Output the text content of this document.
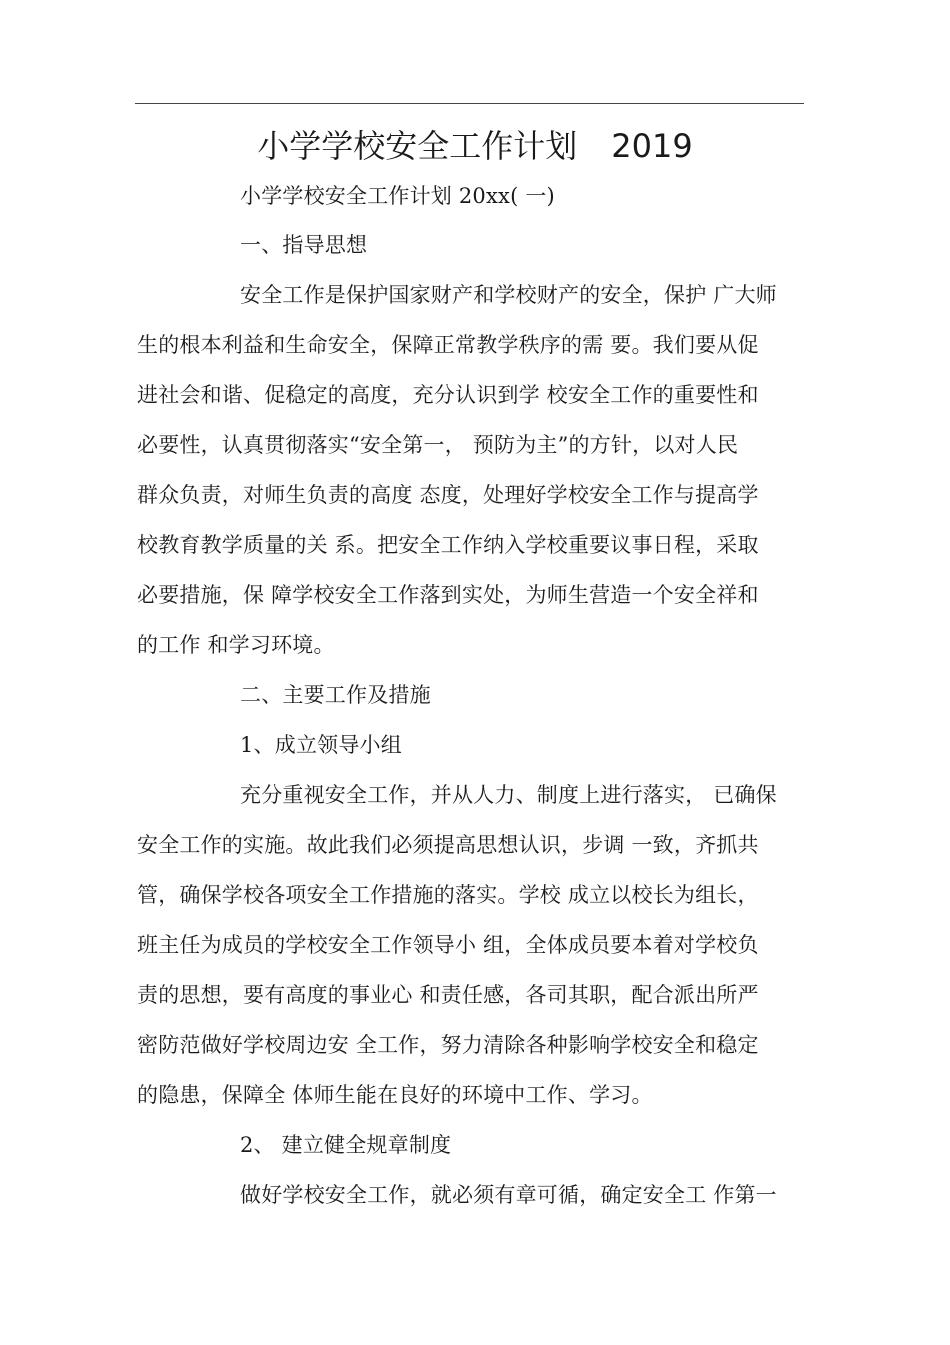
小学学校安全工作计划 2019
小学学校安全工作计划 20xx( 一)
一、指导思想
安全工作是保护国家财产和学校财产的安全，保护 广大师
生的根本利益和生命安全，保障正常教学秩序的需 要。我们要从促
进社会和谐、促稳定的高度，充分认识到学 校安全工作的重要性和
必要性，认真贯彻落实“安全第一， 预防为主”的方针，以对人民
群众负责，对师生负责的高度 态度，处理好学校安全工作与提高学
校教育教学质量的关 系。把安全工作纳入学校重要议事日程，采取
必要措施，保 障学校安全工作落到实处，为师生营造一个安全祥和
的工作 和学习环境。
二、主要工作及措施
1、成立领导小组
充分重视安全工作，并从人力、制度上进行落实， 已确保
安全工作的实施。故此我们必须提高思想认识，步调 一致，齐抓共
管，确保学校各项安全工作措施的落实。学校 成立以校长为组长，
班主任为成员的学校安全工作领导小 组，全体成员要本着对学校负
责的思想，要有高度的事业心 和责任感，各司其职，配合派出所严
密防范做好学校周边安 全工作，努力清除各种影响学校安全和稳定
的隐患，保障全 体师生能在良好的环境中工作、学习。
2、 建立健全规章制度
做好学校安全工作，就必须有章可循，确定安全工 作第一
